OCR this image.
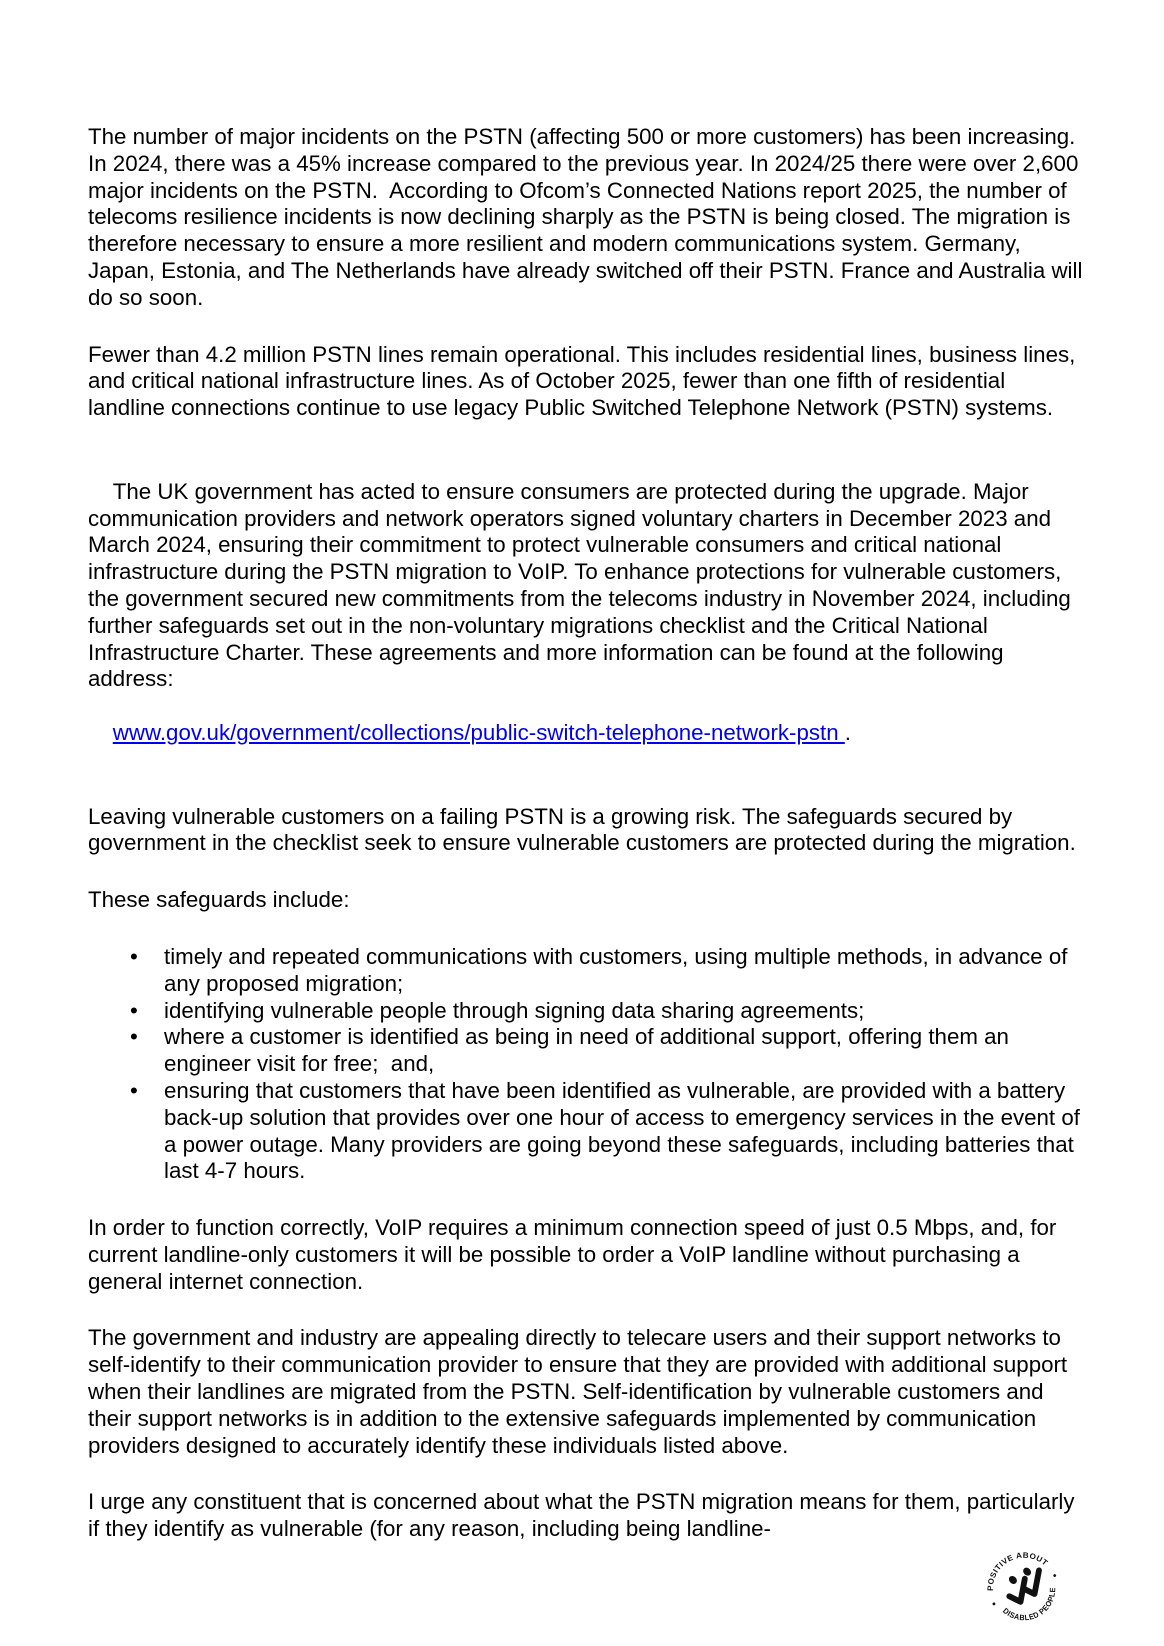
The number of major incidents on the PSTN (affecting 500 or more customers) has been increasing. In 2024, there was a 45% increase compared to the previous year. In 2024/25 there were over 2,600 major incidents on the PSTN.  According to Ofcom’s Connected Nations report 2025, the number of telecoms resilience incidents is now declining sharply as the PSTN is being closed. The migration is therefore necessary to ensure a more resilient and modern communications system. Germany, Japan, Estonia, and The Netherlands have already switched off their PSTN. France and Australia will do so soon.

Fewer than 4.2 million PSTN lines remain operational. This includes residential lines, business lines, and critical national infrastructure lines. As of October 2025, fewer than one fifth of residential landline connections continue to use legacy Public Switched Telephone Network (PSTN) systems.

The UK government has acted to ensure consumers are protected during the upgrade. Major communication providers and network operators signed voluntary charters in December 2023 and March 2024, ensuring their commitment to protect vulnerable consumers and critical national infrastructure during the PSTN migration to VoIP. To enhance protections for vulnerable customers, the government secured new commitments from the telecoms industry in November 2024, including further safeguards set out in the non-voluntary migrations checklist and the Critical National Infrastructure Charter. These agreements and more information can be found at the following address:

www.gov.uk/government/collections/public-switch-telephone-network-pstn .

Leaving vulnerable customers on a failing PSTN is a growing risk. The safeguards secured by government in the checklist seek to ensure vulnerable customers are protected during the migration.

These safeguards include:

• timely and repeated communications with customers, using multiple methods, in advance of any proposed migration;
• identifying vulnerable people through signing data sharing agreements;
• where a customer is identified as being in need of additional support, offering them an engineer visit for free;  and,
• ensuring that customers that have been identified as vulnerable, are provided with a battery back-up solution that provides over one hour of access to emergency services in the event of a power outage. Many providers are going beyond these safeguards, including batteries that last 4-7 hours.

In order to function correctly, VoIP requires a minimum connection speed of just 0.5 Mbps, and, for current landline-only customers it will be possible to order a VoIP landline without purchasing a general internet connection.

The government and industry are appealing directly to telecare users and their support networks to self-identify to their communication provider to ensure that they are provided with additional support when their landlines are migrated from the PSTN. Self-identification by vulnerable customers and their support networks is in addition to the extensive safeguards implemented by communication providers designed to accurately identify these individuals listed above.

I urge any constituent that is concerned about what the PSTN migration means for them, particularly if they identify as vulnerable (for any reason, including being landline-

POSITIVE ABOUT
DISABLED PEOPLE
